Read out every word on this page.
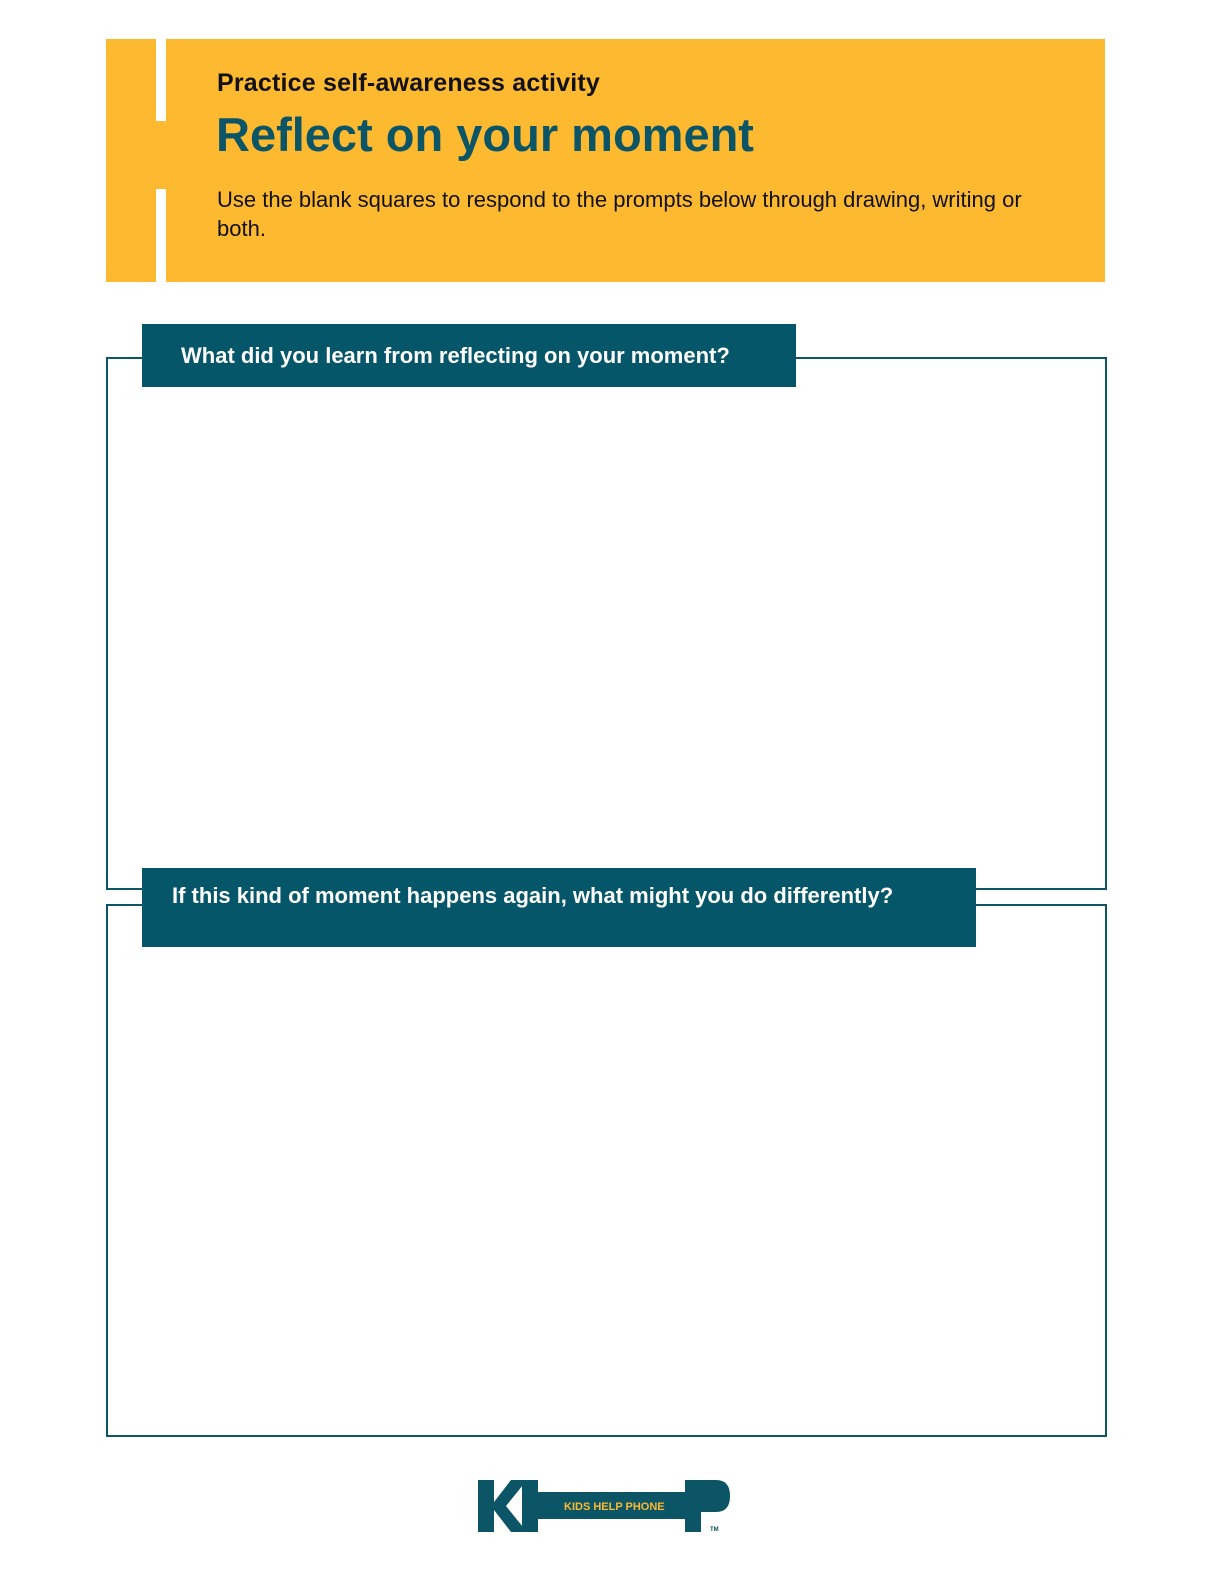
Practice self-awareness activity
Reflect on your moment
Use the blank squares to respond to the prompts below through drawing, writing or both.
What did you learn from reflecting on your moment?
If this kind of moment happens again, what might you do differently?
KIDS HELP PHONE
TM
